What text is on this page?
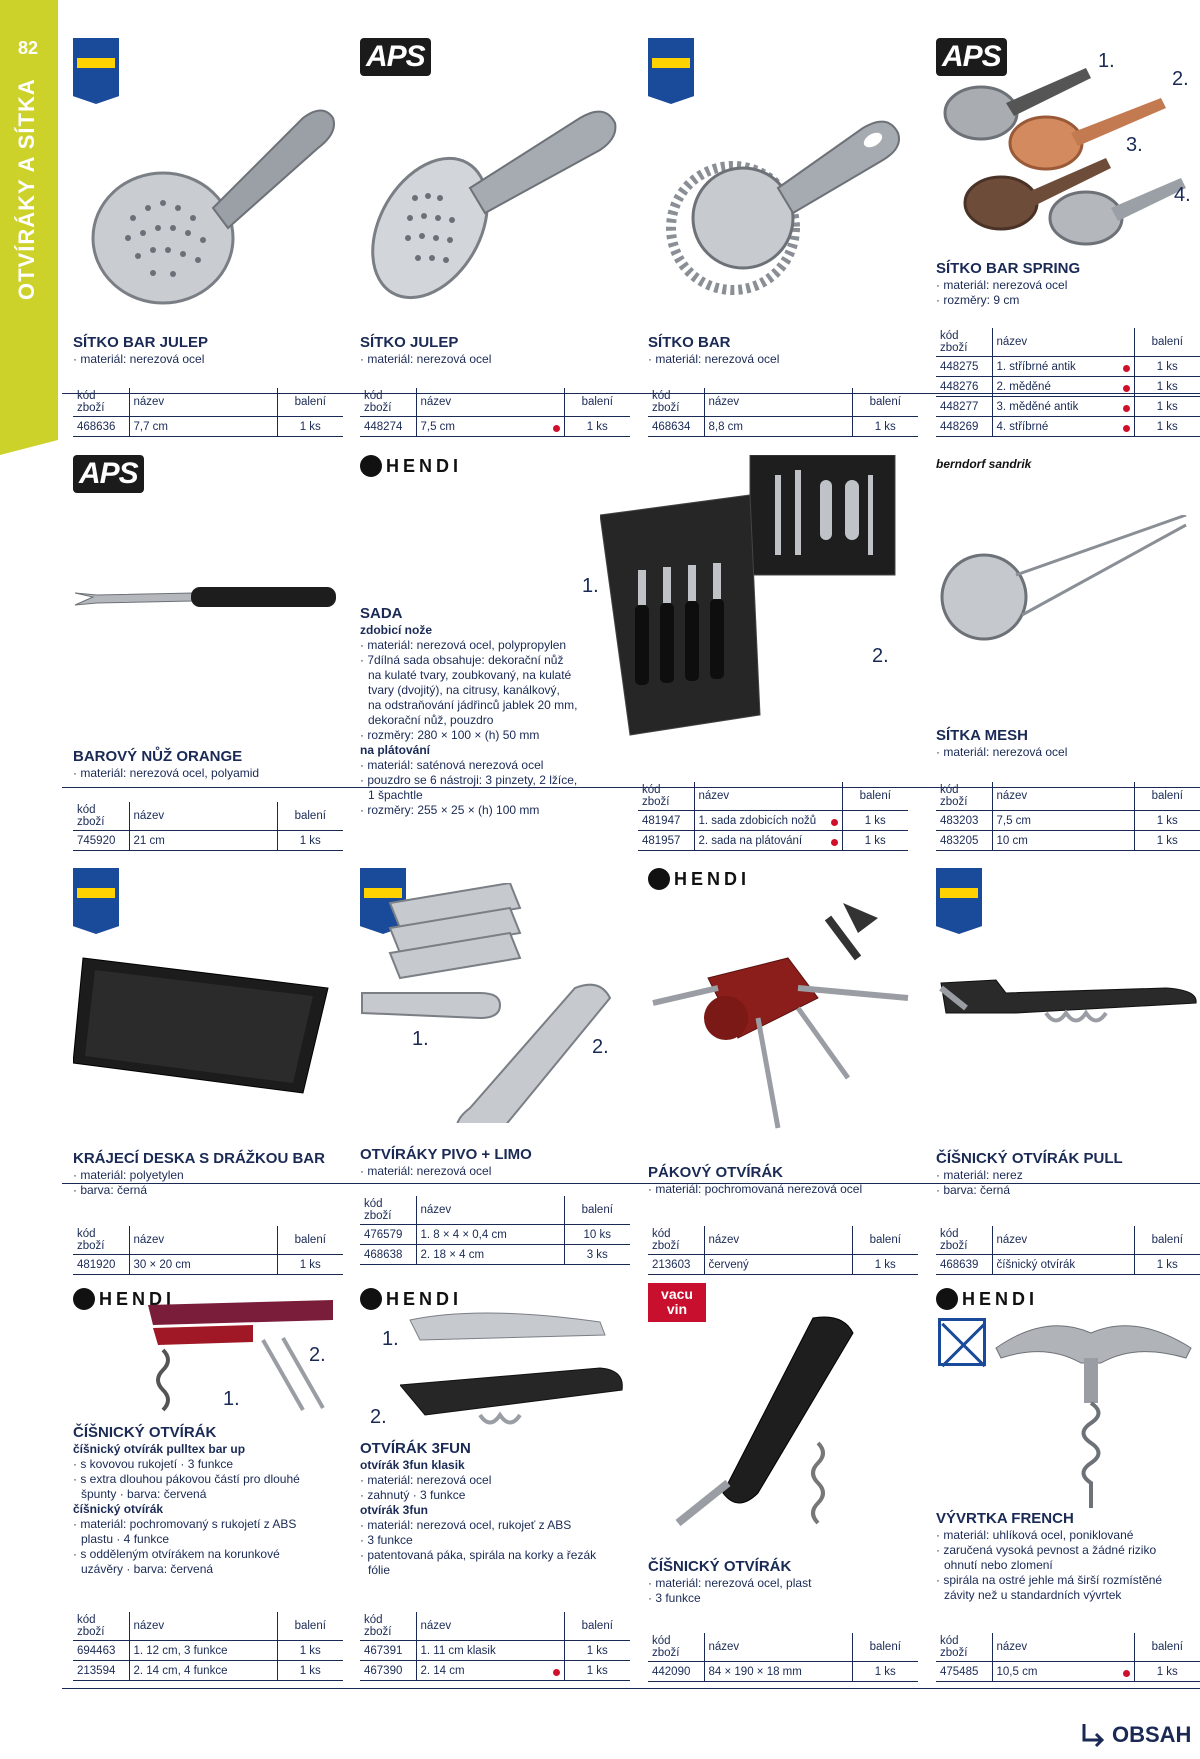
82
OTVÍRÁKY A SÍTKA
SÍTKO BAR JULEP
· materiál: nerezová ocel
kód zboží	název	balení
468636	7,7 cm	1 ks
APS
SÍTKO JULEP
· materiál: nerezová ocel
kód zboží	název	balení
448274	7,5 cm	1 ks
SÍTKO BAR
· materiál: nerezová ocel
kód zboží	název	balení
468634	8,8 cm	1 ks
APS	1.
2.
3.
4.
SÍTKO BAR SPRING
· materiál: nerezová ocel
· rozměry: 9 cm
kód zboží	název	balení
448275	1. stříbrné antik	1 ks
448276	2. měděné	1 ks
448277	3. měděné antik	1 ks
448269	4. stříbrné	1 ks
APS
BAROVÝ NŮŽ ORANGE
· materiál: nerezová ocel, polyamid
kód zboží	název	balení
745920	21 cm	1 ks
HENDI
1.
2.
SADA
zdobicí nože
· materiál: nerezová ocel, polypropylen
· 7dílná sada obsahuje: dekorační nůž
na kulaté tvary, zoubkovaný, na kulaté
tvary (dvojitý), na citrusy, kanálkový,
na odstraňování jádřinců jablek 20 mm,
dekorační nůž, pouzdro
· rozměry: 280 × 100 × (h) 50 mm
na plátování
· materiál: saténová nerezová ocel
· pouzdro se 6 nástroji: 3 pinzety, 2 lžíce,
1 špachtle
· rozměry: 255 × 25 × (h) 100 mm
kód zboží	název	balení
481947	1. sada zdobicích nožů	1 ks
481957	2. sada na plátování	1 ks
berndorf sandrik
SÍTKA MESH
· materiál: nerezová ocel
kód zboží	název	balení
483203	7,5 cm	1 ks
483205	10 cm	1 ks
KRÁJECÍ DESKA S DRÁŽKOU BAR
· materiál: polyetylen
· barva: černá
kód zboží	název	balení
481920	30 × 20 cm	1 ks
1.	2.
OTVÍRÁKY PIVO + LIMO
· materiál: nerezová ocel
kód zboží	název	balení
476579	1. 8 × 4 × 0,4 cm	10 ks
468638	2. 18 × 4 cm	3 ks
HENDI
PÁKOVÝ OTVÍRÁK
· materiál: pochromovaná nerezová ocel
kód zboží	název	balení
213603	červený	1 ks
ČÍŠNICKÝ OTVÍRÁK PULL
· materiál: nerez
· barva: černá
kód zboží	název	balení
468639	číšnický otvírák	1 ks
HENDI
1.
2.
ČÍŠNICKÝ OTVÍRÁK
číšnický otvírák pulltex bar up
· s kovovou rukojetí · 3 funkce
· s extra dlouhou pákovou částí pro dlouhé
špunty · barva: červená
číšnický otvírák
· materiál: pochromovaný s rukojetí z ABS
plastu · 4 funkce
· s odděleným otvírákem na korunkové
uzávěry · barva: červená
kód zboží	název	balení
694463	1. 12 cm, 3 funkce	1 ks
213594	2. 14 cm, 4 funkce	1 ks
HENDI
1.
2.
OTVÍRÁK 3FUN
otvírák 3fun klasik
· materiál: nerezová ocel
· zahnutý · 3 funkce
otvírák 3fun
· materiál: nerezová ocel, rukojeť z ABS
· 3 funkce
· patentovaná páka, spirála na korky a řezák
fólie
kód zboží	název	balení
467391	1. 11 cm klasik	1 ks
467390	2. 14 cm	1 ks
vacu vin
ČÍŠNICKÝ OTVÍRÁK
· materiál: nerezová ocel, plast
· 3 funkce
kód zboží	název	balení
442090	84 × 190 × 18 mm	1 ks
HENDI
VÝVRTKA FRENCH
· materiál: uhlíková ocel, poniklované
· zaručená vysoká pevnost a žádné riziko
ohnutí nebo zlomení
· spirála na ostré jehle má širší rozmístěné
závity než u standardních vývrtek
kód zboží	název	balení
475485	10,5 cm	1 ks
OBSAH
